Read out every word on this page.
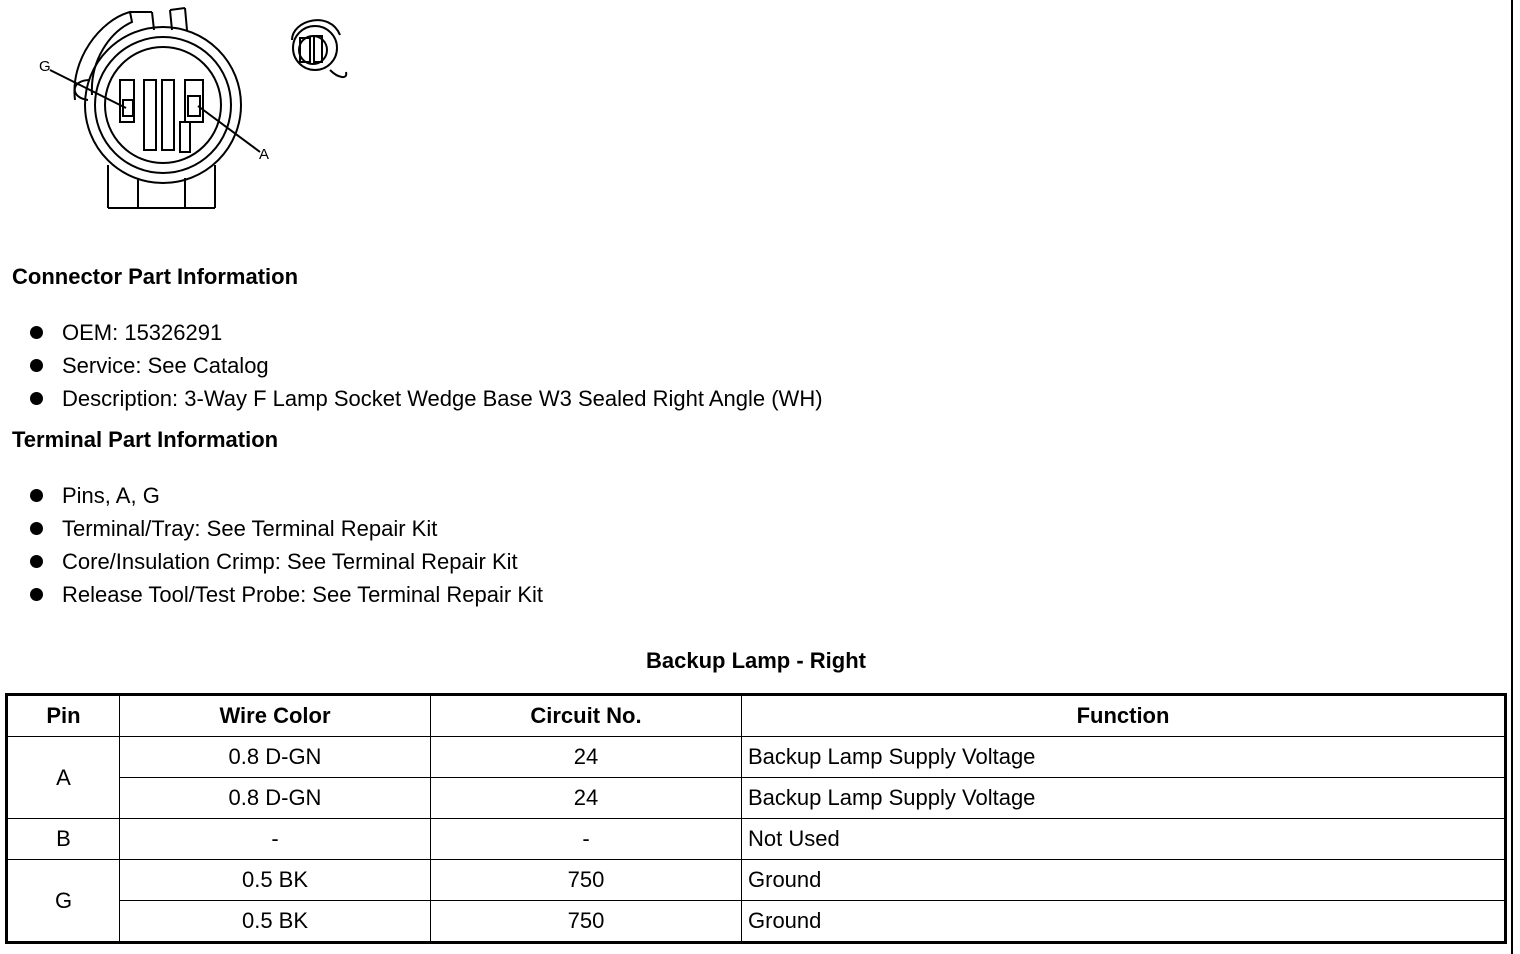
G
A
Connector Part Information
OEM: 15326291
Service: See Catalog
Description: 3-Way F Lamp Socket Wedge Base W3 Sealed Right Angle (WH)
Terminal Part Information
Pins, A, G
Terminal/Tray: See Terminal Repair Kit
Core/Insulation Crimp: See Terminal Repair Kit
Release Tool/Test Probe: See Terminal Repair Kit
Backup Lamp - Right
Pin	Wire Color	Circuit No.	Function
A	0.8 D-GN	24	Backup Lamp Supply Voltage
	0.8 D-GN	24	Backup Lamp Supply Voltage
B	-	-	Not Used
G	0.5 BK	750	Ground
	0.5 BK	750	Ground
